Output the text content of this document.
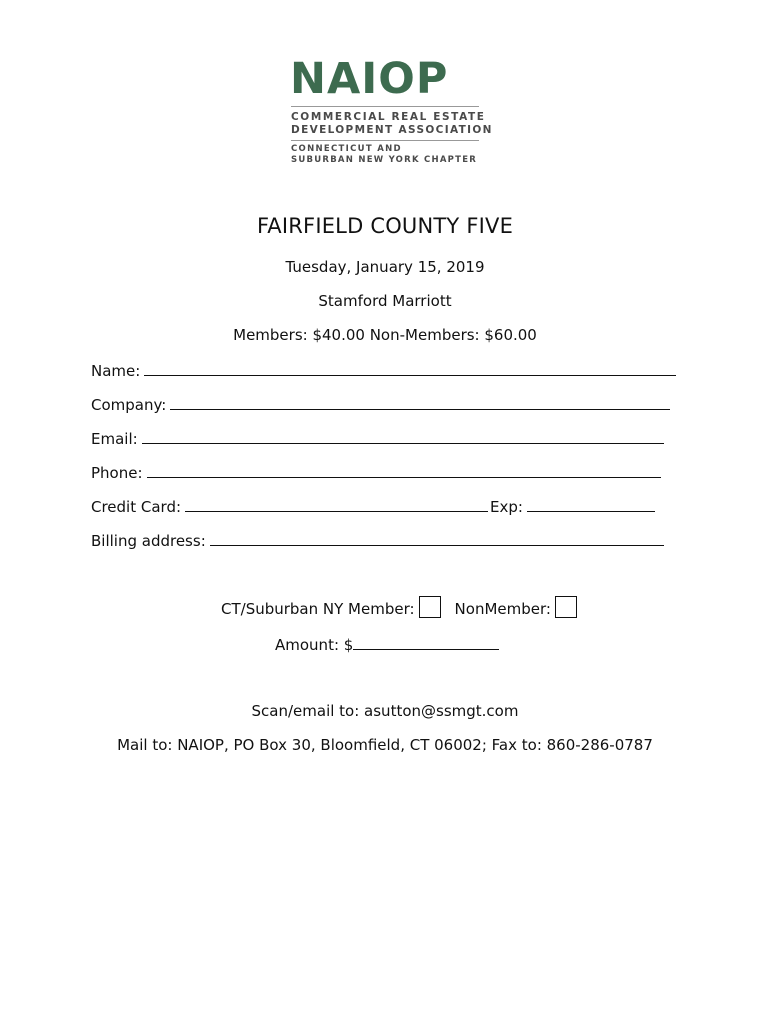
NAIOP
COMMERCIAL REAL ESTATE
DEVELOPMENT ASSOCIATION
CONNECTICUT AND
SUBURBAN NEW YORK CHAPTER
FAIRFIELD COUNTY FIVE
Tuesday, January 15, 2019
Stamford Marriott
Members: $40.00 Non-Members: $60.00
Name:
Company:
Email:
Phone:
Credit Card:	Exp:
Billing address:
CT/Suburban NY Member:	NonMember:
Amount: $
Scan/email to: asutton@ssmgt.com
Mail to: NAIOP, PO Box 30, Bloomfield, CT 06002; Fax to: 860-286-0787
